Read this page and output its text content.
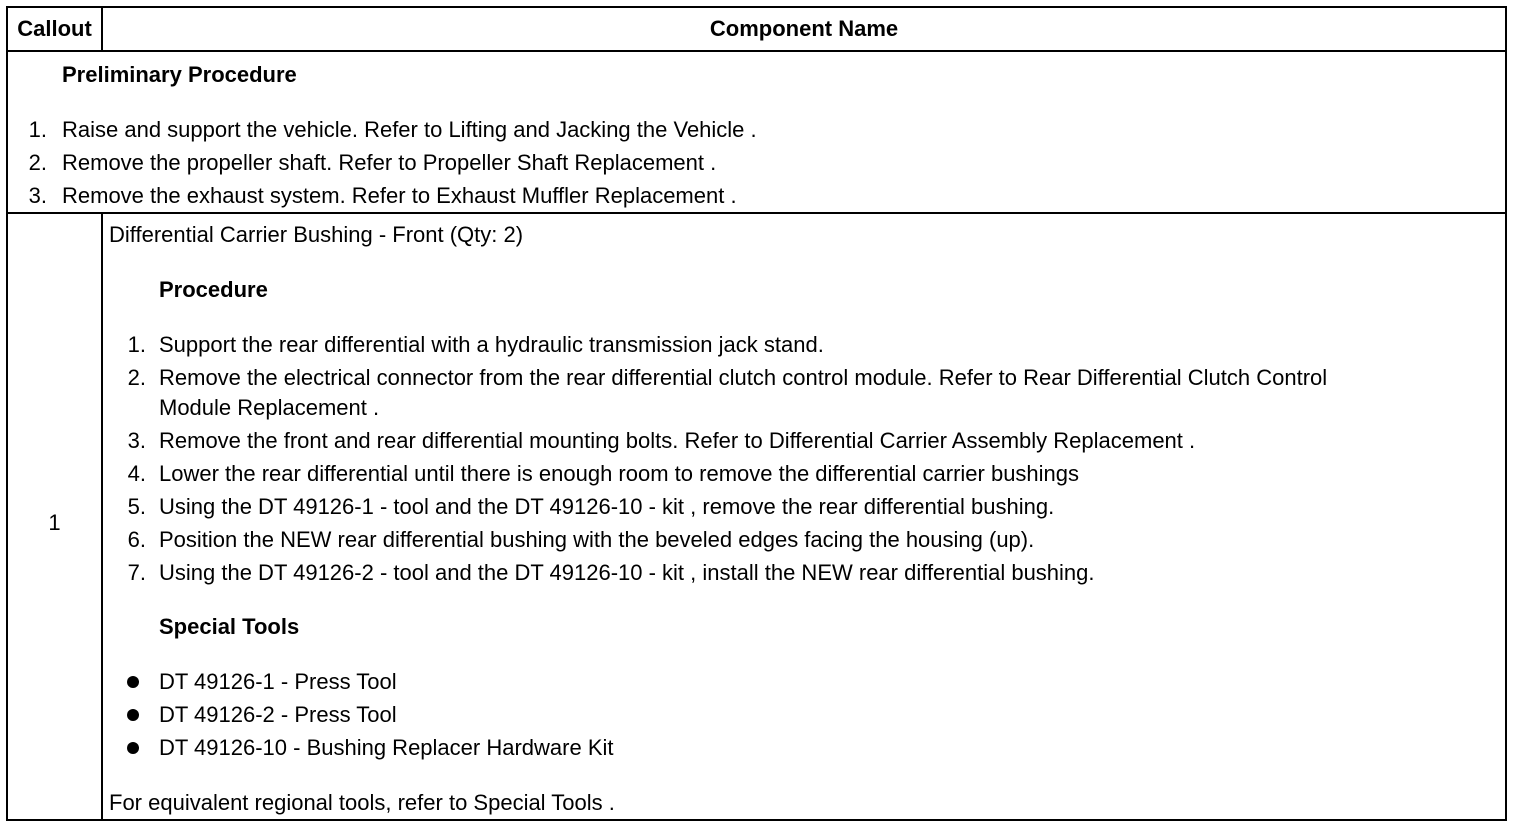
Callout	Component Name
Preliminary Procedure
1. Raise and support the vehicle. Refer to Lifting and Jacking the Vehicle .
2. Remove the propeller shaft. Refer to Propeller Shaft Replacement .
3. Remove the exhaust system. Refer to Exhaust Muffler Replacement .
1
Differential Carrier Bushing - Front (Qty: 2)
Procedure
1. Support the rear differential with a hydraulic transmission jack stand.
2. Remove the electrical connector from the rear differential clutch control module. Refer to Rear Differential Clutch Control
Module Replacement .
3. Remove the front and rear differential mounting bolts. Refer to Differential Carrier Assembly Replacement .
4. Lower the rear differential until there is enough room to remove the differential carrier bushings
5. Using the DT 49126-1 - tool and the DT 49126-10 - kit , remove the rear differential bushing.
6. Position the NEW rear differential bushing with the beveled edges facing the housing (up).
7. Using the DT 49126-2 - tool and the DT 49126-10 - kit , install the NEW rear differential bushing.
Special Tools
DT 49126-1 - Press Tool
DT 49126-2 - Press Tool
DT 49126-10 - Bushing Replacer Hardware Kit
For equivalent regional tools, refer to Special Tools .
